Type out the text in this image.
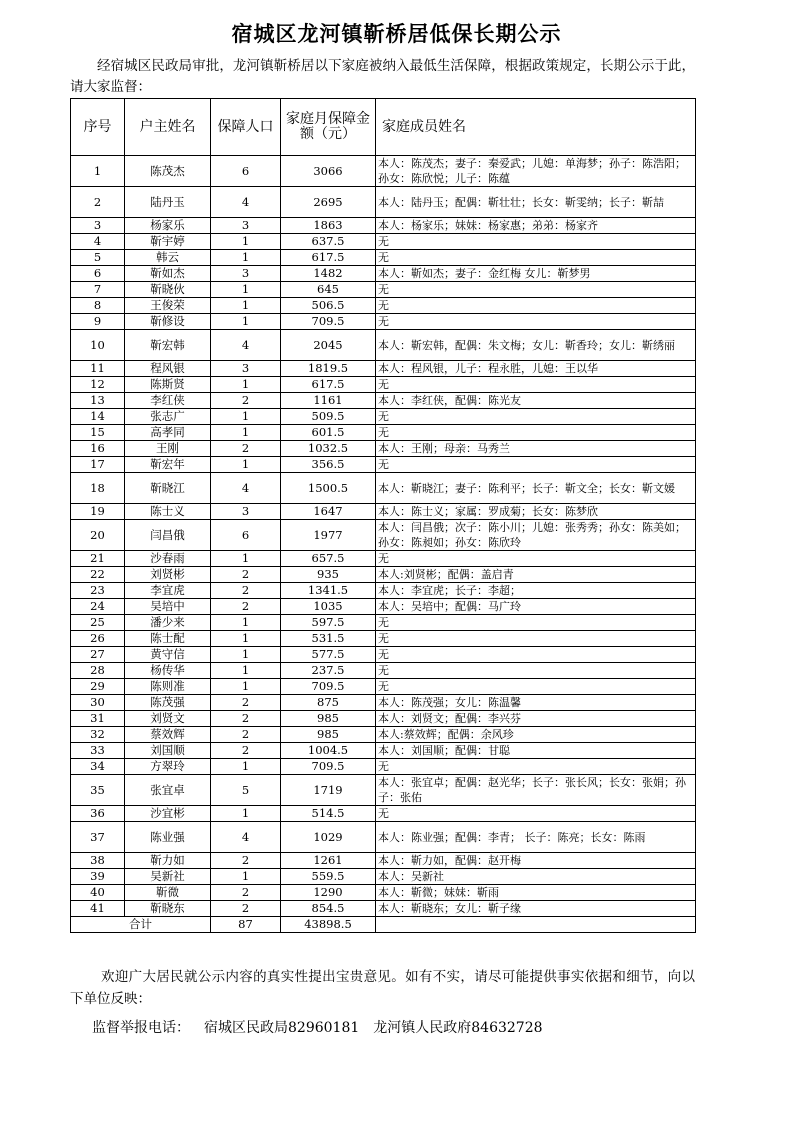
宿城区龙河镇靳桥居低保长期公示
经宿城区民政局审批，龙河镇靳桥居以下家庭被纳入最低生活保障，根据政策规定，长期公示于此，请大家监督：
序号	户主姓名	保障人口	家庭月保障金额（元）	家庭成员姓名
1	陈茂杰	6	3066	本人：陈茂杰；妻子：秦爱武；儿媳：单海梦；孙子：陈浩阳；孙女：陈欣悦；儿子：陈蕴
2	陆丹玉	4	2695	本人：陆丹玉；配偶：靳壮壮；长女：靳雯纳；长子：靳喆
3	杨家乐	3	1863	本人：杨家乐；妹妹：杨家惠；弟弟：杨家齐
4	靳宇婷	1	637.5	无
5	韩云	1	617.5	无
6	靳如杰	3	1482	本人：靳如杰；妻子：金红梅 女儿：靳梦男
7	靳晓伙	1	645	无
8	王俊荣	1	506.5	无
9	靳修设	1	709.5	无
10	靳宏韩	4	2045	本人：靳宏韩，配偶：朱文梅；女儿：靳香玲；女儿：靳绣丽
11	程风银	3	1819.5	本人：程风银，儿子：程永胜，儿媳：王以华
12	陈斯贤	1	617.5	无
13	李红侠	2	1161	本人：李红侠，配偶：陈光友
14	张志广	1	509.5	无
15	高孝同	1	601.5	无
16	王刚	2	1032.5	本人：王刚；母亲：马秀兰
17	靳宏年	1	356.5	无
18	靳晓江	4	1500.5	本人：靳晓江；妻子：陈利平；长子：靳文全；长女：靳文媛
19	陈士义	3	1647	本人：陈士义；家属：罗成菊；长女：陈梦欣
20	闫昌俄	6	1977	本人：闫昌俄；次子：陈小川；儿媳：张秀秀；孙女：陈美如；孙女：陈昶如；孙女：陈欣玲
21	沙春雨	1	657.5	无
22	刘贤彬	2	935	本人:刘贤彬；配偶：盖启青
23	李宜虎	2	1341.5	本人：李宜虎；长子：李超；
24	吴培中	2	1035	本人：吴培中；配偶：马广玲
25	潘少来	1	597.5	无
26	陈士配	1	531.5	无
27	黄守信	1	577.5	无
28	杨传华	1	237.5	无
29	陈则准	1	709.5	无
30	陈茂强	2	875	本人：陈茂强；女儿：陈温馨
31	刘贤文	2	985	本人：刘贤文；配偶：李兴芬
32	蔡效辉	2	985	本人:蔡效辉；配偶：余风珍
33	刘国顺	2	1004.5	本人：刘国顺；配偶：甘聪
34	方翠玲	1	709.5	无
35	张宜卓	5	1719	本人：张宜卓；配偶：赵光华；长子：张长风；长女：张娟；孙子：张佑
36	沙宜彬	1	514.5	无
37	陈业强	4	1029	本人：陈业强；配偶：李青； 长子：陈亮；长女：陈雨
38	靳力如	2	1261	本人：靳力如，配偶：赵开梅
39	吴新社	1	559.5	本人：吴新社
40	靳微	2	1290	本人：靳微；妹妹：靳雨
41	靳晓东	2	854.5	本人：靳晓东；女儿：靳子缘
合计		87	43898.5	
欢迎广大居民就公示内容的真实性提出宝贵意见。如有不实，请尽可能提供事实依据和细节，向以下单位反映：
监督举报电话： 宿城区民政局82960181 龙河镇人民政府84632728
